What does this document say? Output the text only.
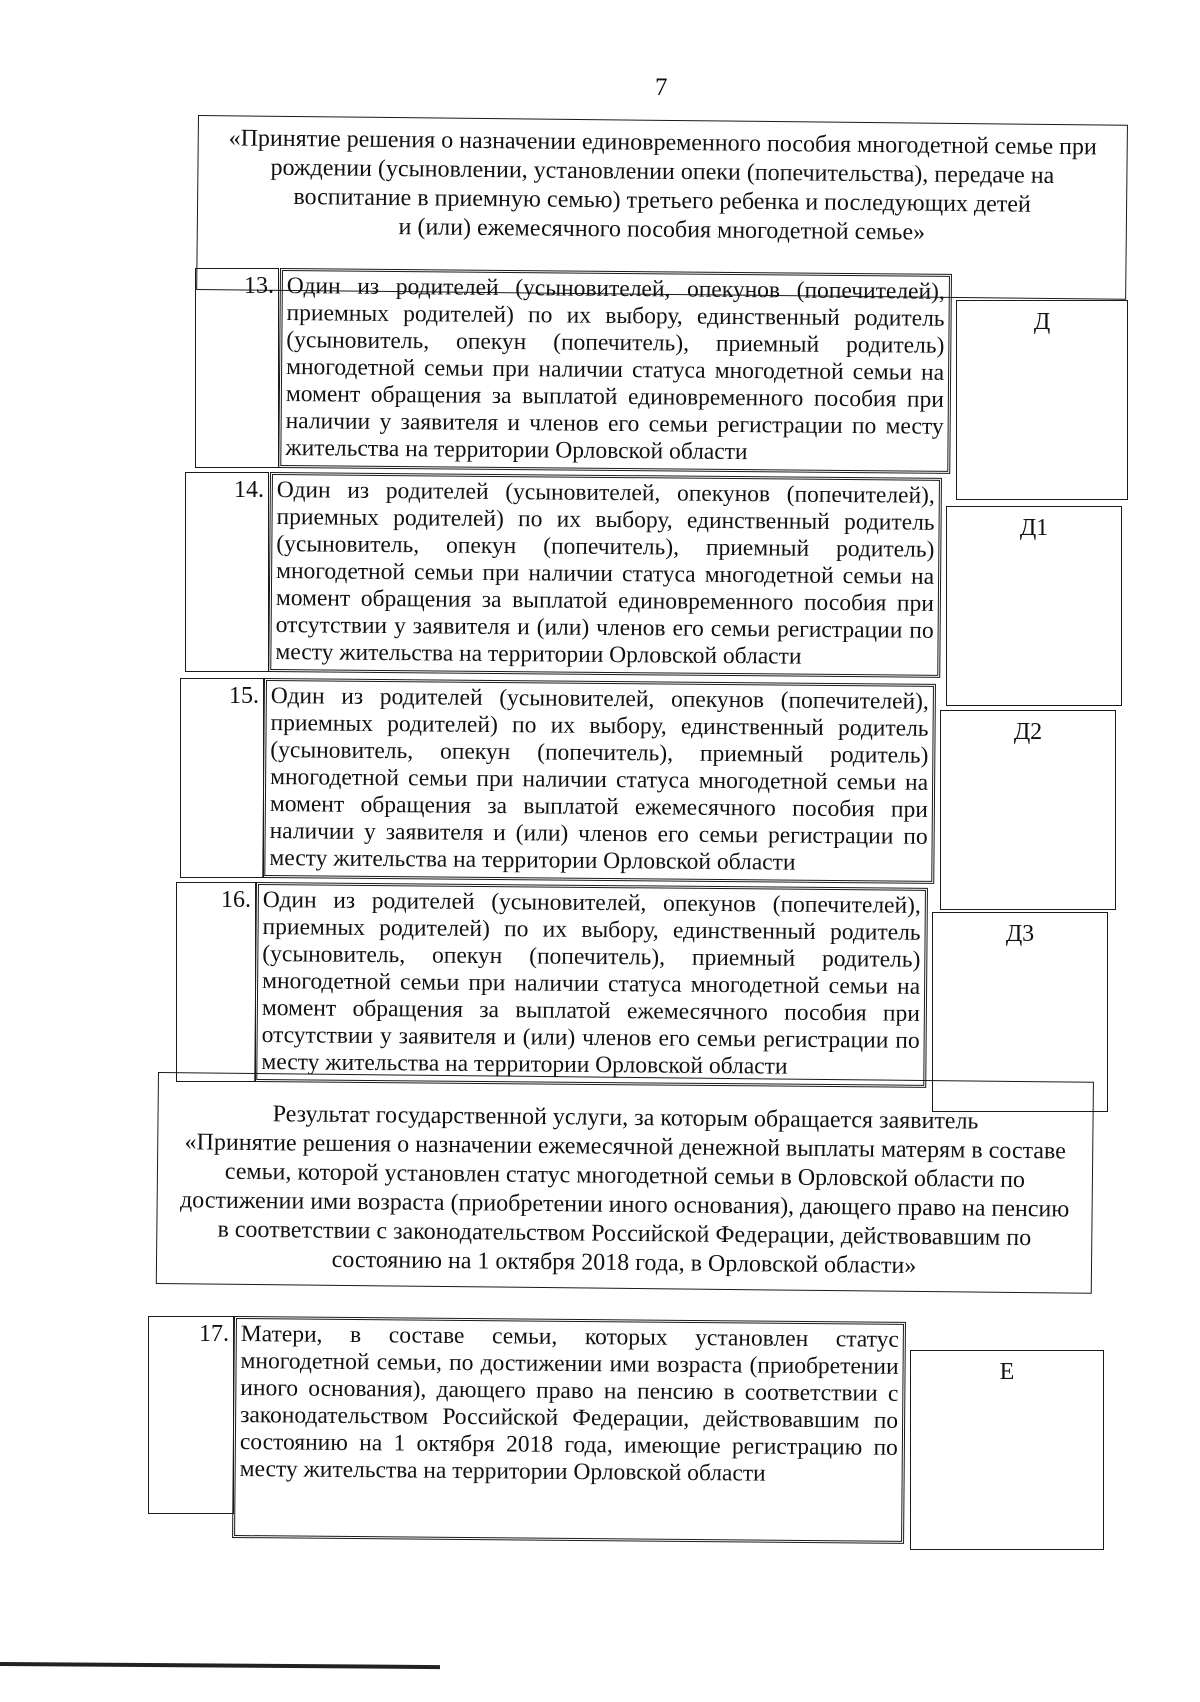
7
«Принятие решения о назначении единовременного пособия многодетной семье при
рождении (усыновлении, установлении опеки (попечительства), передаче на
воспитание в приемную семью) третьего ребенка и последующих детей
и (или) ежемесячного пособия многодетной семье»
13. Один из родителей (усыновителей, опекунов (попечителей), приемных родителей) по их выбору, единственный родитель (усыновитель, опекун (попечитель), приемный родитель) многодетной семьи при наличии статуса многодетной семьи на момент обращения за выплатой единовременного пособия при наличии у заявителя и членов его семьи регистрации по месту жительства на территории Орловской области
Д
14. Один из родителей (усыновителей, опекунов (попечителей), приемных родителей) по их выбору, единственный родитель (усыновитель, опекун (попечитель), приемный родитель) многодетной семьи при наличии статуса многодетной семьи на момент обращения за выплатой единовременного пособия при отсутствии у заявителя и (или) членов его семьи регистрации по месту жительства на территории Орловской области
Д1
15. Один из родителей (усыновителей, опекунов (попечителей), приемных родителей) по их выбору, единственный родитель (усыновитель, опекун (попечитель), приемный родитель) многодетной семьи при наличии статуса многодетной семьи на момент обращения за выплатой ежемесячного пособия при наличии у заявителя и (или) членов его семьи регистрации по месту жительства на территории Орловской области
Д2
16. Один из родителей (усыновителей, опекунов (попечителей), приемных родителей) по их выбору, единственный родитель (усыновитель, опекун (попечитель), приемный родитель) многодетной семьи при наличии статуса многодетной семьи на момент обращения за выплатой ежемесячного пособия при отсутствии у заявителя и (или) членов его семьи регистрации по месту жительства на территории Орловской области
Д3
Результат государственной услуги, за которым обращается заявитель
«Принятие решения о назначении ежемесячной денежной выплаты матерям в составе
семьи, которой установлен статус многодетной семьи в Орловской области по
достижении ими возраста (приобретении иного основания), дающего право на пенсию
в соответствии с законодательством Российской Федерации, действовавшим по
состоянию на 1 октября 2018 года, в Орловской области»
17. Матери, в составе семьи, которых установлен статус многодетной семьи, по достижении ими возраста (приобретении иного основания), дающего право на пенсию в соответствии с законодательством Российской Федерации, действовавшим по состоянию на 1 октября 2018 года, имеющие регистрацию по месту жительства на территории Орловской области
Е
